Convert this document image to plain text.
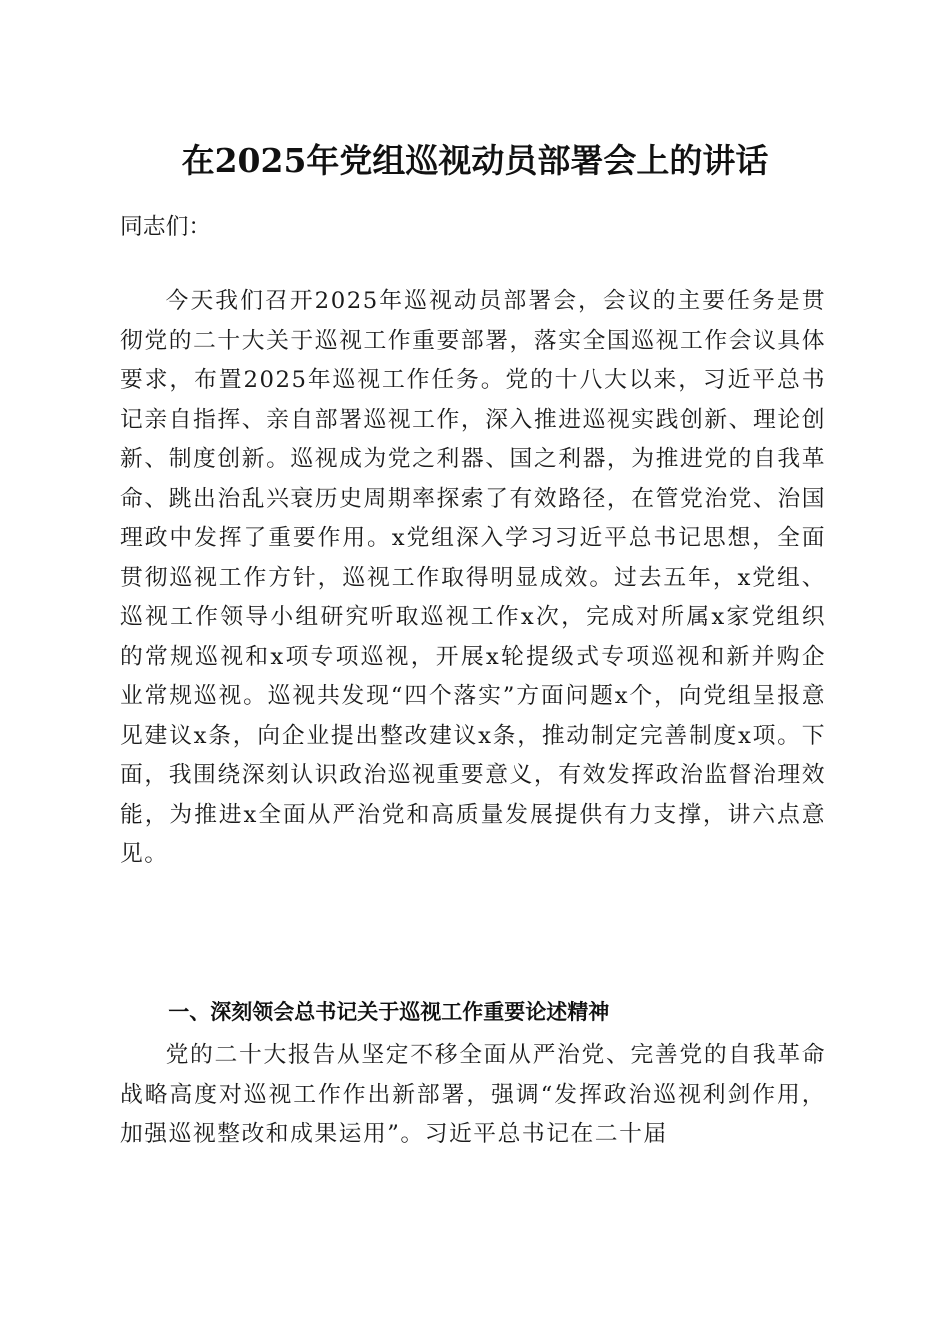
在2025年党组巡视动员部署会上的讲话
同志们：
今天我们召开2025年巡视动员部署会，会议的主要任务是贯彻党的二十大关于巡视工作重要部署，落实全国巡视工作会议具体要求，布置2025年巡视工作任务。党的十八大以来，习近平总书记亲自指挥、亲自部署巡视工作，深入推进巡视实践创新、理论创新、制度创新。巡视成为党之利器、国之利器，为推进党的自我革命、跳出治乱兴衰历史周期率探索了有效路径，在管党治党、治国理政中发挥了重要作用。x党组深入学习习近平总书记思想，全面贯彻巡视工作方针，巡视工作取得明显成效。过去五年，x党组、巡视工作领导小组研究听取巡视工作x次，完成对所属x家党组织的常规巡视和x项专项巡视，开展x轮提级式专项巡视和新并购企业常规巡视。巡视共发现“四个落实”方面问题x个，向党组呈报意见建议x条，向企业提出整改建议x条，推动制定完善制度x项。下面，我围绕深刻认识政治巡视重要意义，有效发挥政治监督治理效能，为推进x全面从严治党和高质量发展提供有力支撑，讲六点意见。
一、深刻领会总书记关于巡视工作重要论述精神
党的二十大报告从坚定不移全面从严治党、完善党的自我革命战略高度对巡视工作作出新部署，强调“发挥政治巡视利剑作用，加强巡视整改和成果运用”。习近平总书记在二十届
